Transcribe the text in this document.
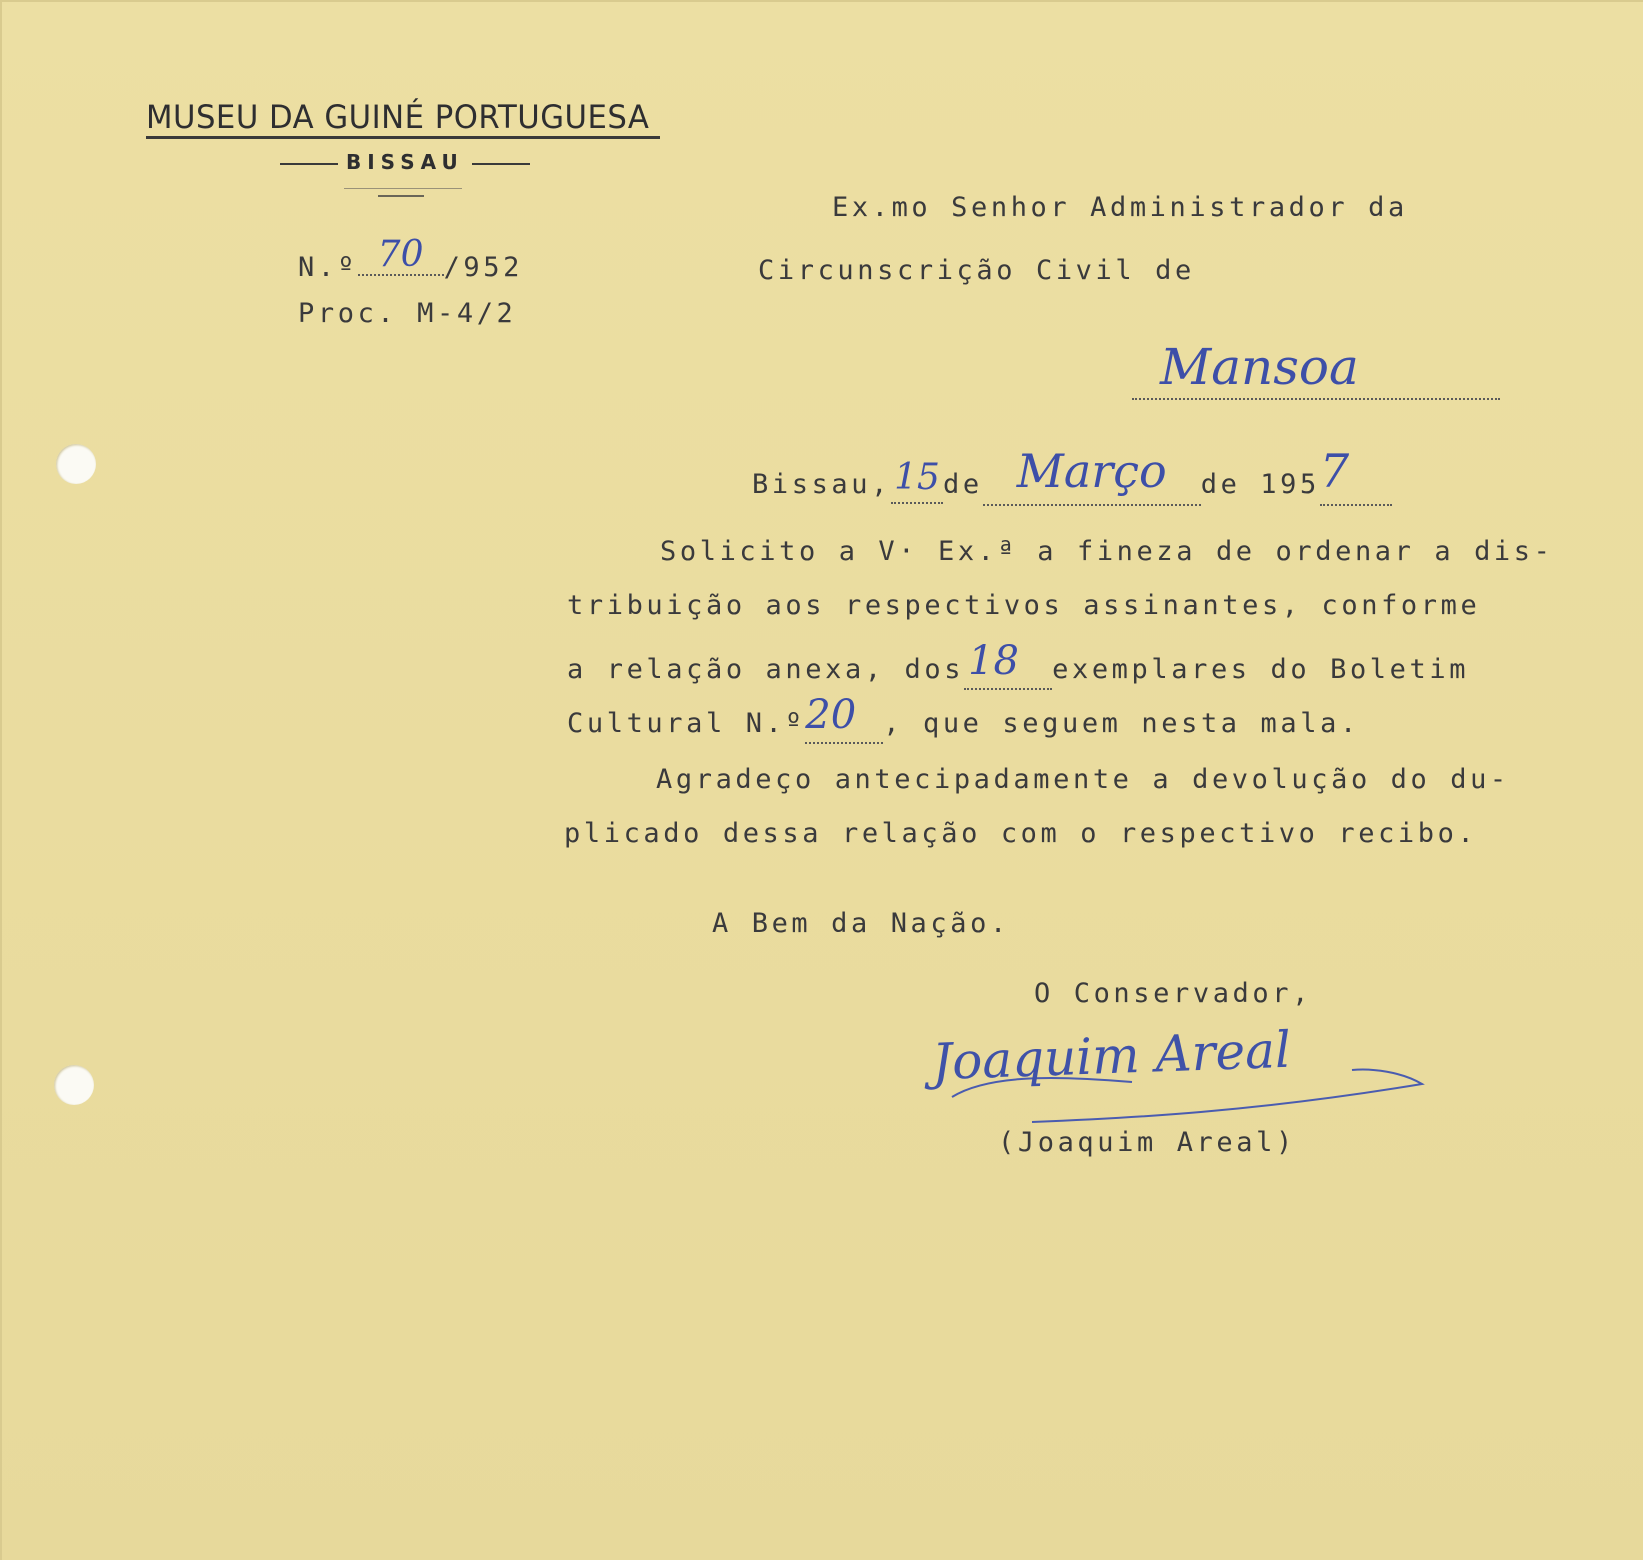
MUSEU DA GUINÉ PORTUGUESA
BISSAU
N.º 70 /952
Proc. M-4/2
Ex.mo Senhor Administrador da
Circunscrição Civil de
Mansoa
Bissau,15 de Março de 1957
Solicito a V· Ex.ª a fineza de ordenar a dis-
tribuição aos respectivos assinantes, conforme
a relação anexa, dos 18 exemplares do Boletim
Cultural N.º20 , que seguem nesta mala.
Agradeço antecipadamente a devolução do du-
plicado dessa relação com o respectivo recibo.
A Bem da Nação.
O Conservador,
Joaquim Areal
(Joaquim Areal)
